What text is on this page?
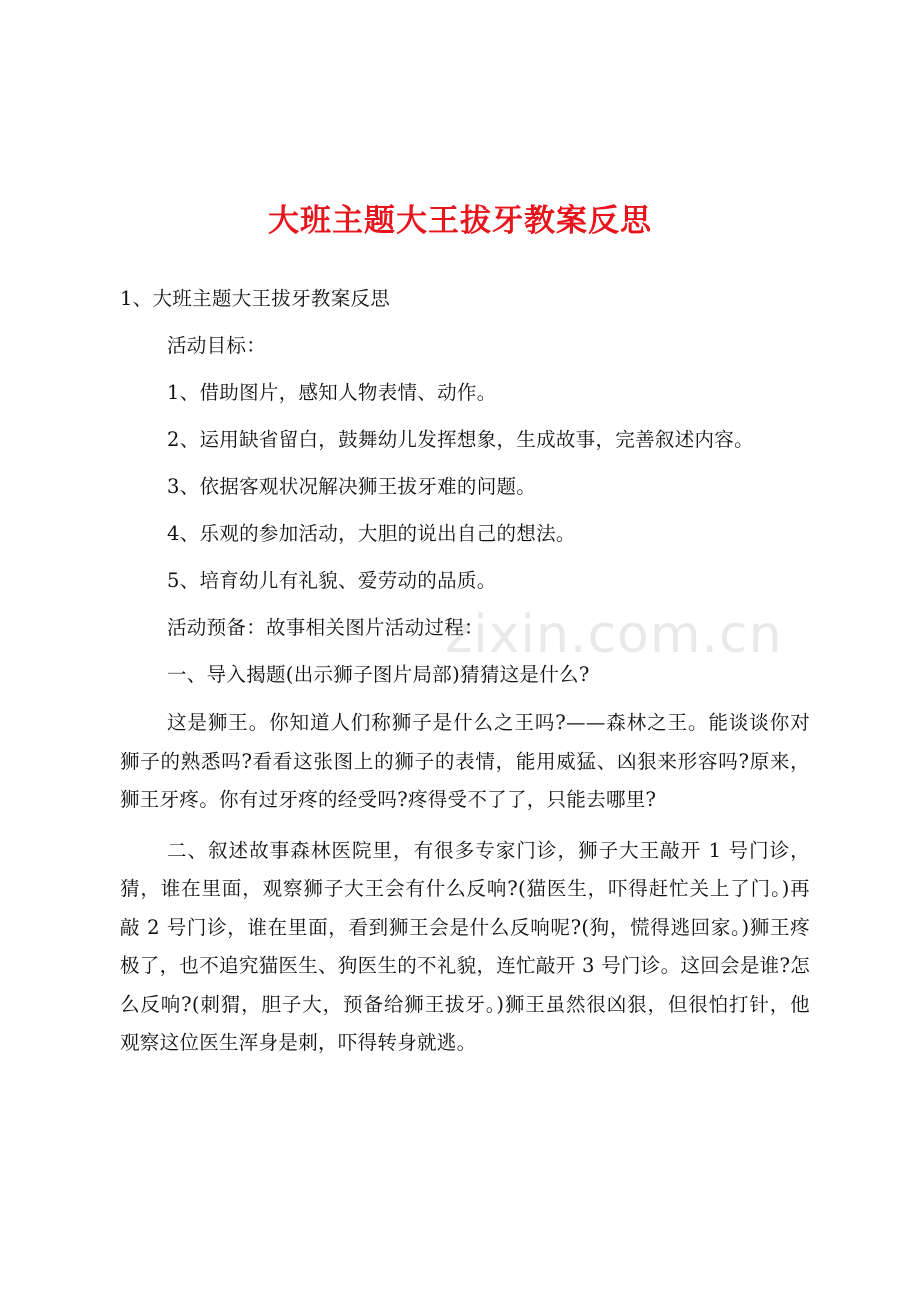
大班主题大王拔牙教案反思
zixin.com.cn

1、大班主题大王拔牙教案反思

活动目标：

1、借助图片，感知人物表情、动作。

2、运用缺省留白，鼓舞幼儿发挥想象，生成故事，完善叙述内容。

3、依据客观状况解决狮王拔牙难的问题。

4、乐观的参加活动，大胆的说出自己的想法。

5、培育幼儿有礼貌、爱劳动的品质。

活动预备：故事相关图片活动过程：

一、导入揭题(出示狮子图片局部)猜猜这是什么?

这是狮王。你知道人们称狮子是什么之王吗?——森林之王。能谈谈你对狮子的熟悉吗?看看这张图上的狮子的表情，能用威猛、凶狠来形容吗?原来，狮王牙疼。你有过牙疼的经受吗?疼得受不了了，只能去哪里?

二、叙述故事森林医院里，有很多专家门诊，狮子大王敲开 1 号门诊，猜，谁在里面，观察狮子大王会有什么反响?(猫医生，吓得赶忙关上了门。)再敲 2 号门诊，谁在里面，看到狮王会是什么反响呢?(狗，慌得逃回家。)狮王疼极了，也不追究猫医生、狗医生的不礼貌，连忙敲开 3 号门诊。这回会是谁?怎么反响?(刺猬，胆子大，预备给狮王拔牙。)狮王虽然很凶狠，但很怕打针，他观察这位医生浑身是刺，吓得转身就逃。
